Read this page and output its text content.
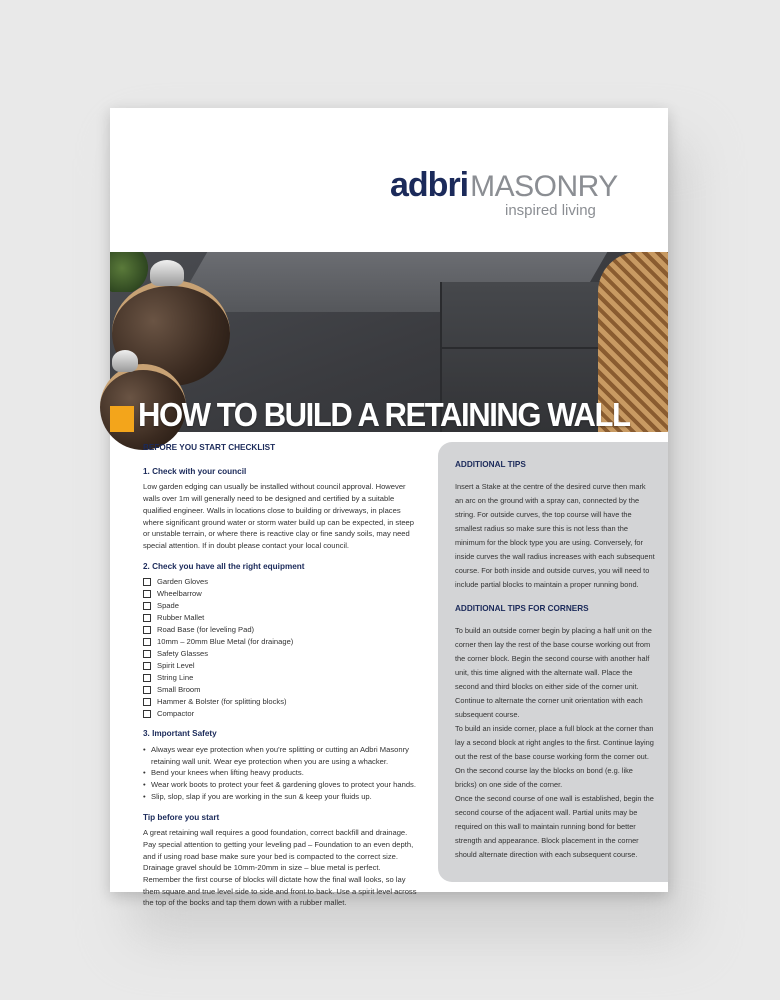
adbriMASONRY
inspired living
HOW TO BUILD A RETAINING WALL
BEFORE YOU START CHECKLIST
1. Check with your council

Low garden edging can usually be installed without council approval. However walls over 1m will generally need to be designed and certified by a suitable qualified engineer. Walls in locations close to building or driveways, in places where significant ground water or storm water build up can be expected, in steep or unstable terrain, or where there is reactive clay or fine sandy soils, may need special attention. If in doubt please contact your local council.

2. Check you have all the right equipment
Garden Gloves
Wheelbarrow
Spade
Rubber Mallet
Road Base (for leveling Pad)
10mm – 20mm Blue Metal (for drainage)
Safety Glasses
Spirit Level
String Line
Small Broom
Hammer & Bolster (for splitting blocks)
Compactor
3. Important Safety
• Always wear eye protection when you’re splitting or cutting an Adbri Masonry retaining wall unit. Wear eye protection when you are using a whacker.
• Bend your knees when lifting heavy products.
• Wear work boots to protect your feet & gardening gloves to protect your hands.
• Slip, slop, slap if you are working in the sun & keep your fluids up.
Tip before you start

A great retaining wall requires a good foundation, correct backfill and drainage. Pay special attention to getting your leveling pad – Foundation to an even depth, and if using road base make sure your bed is compacted to the correct size. Drainage gravel should be 10mm-20mm in size – blue metal is perfect. Remember the first course of blocks will dictate how the final wall looks, so lay them square and true level side to side and front to back. Use a spirit level across the top of the bocks and tap them down with a rubber mallet.

ADDITIONAL TIPS

Insert a Stake at the centre of the desired curve then mark an arc on the ground with a spray can, connected by the string. For outside curves, the top course will have the smallest radius so make sure this is not less than the minimum for the block type you are using. Conversely, for inside curves the wall radius increases with each subsequent course. For both inside and outside curves, you will need to include partial blocks to maintain a proper running bond.

ADDITIONAL TIPS FOR CORNERS

To build an outside corner begin by placing a half unit on the corner then lay the rest of the base course working out from the corner block. Begin the second course with another half unit, this time aligned with the alternate wall. Place the second and third blocks on either side of the corner unit. Continue to alternate the corner unit orientation with each subsequent course.

To build an inside corner, place a full block at the corner than lay a second block at right angles to the first. Continue laying out the rest of the base course working form the corner out. On the second course lay the blocks on bond (e.g. like bricks) on one side of the corner.

Once the second course of one wall is established, begin the second course of the adjacent wall. Partial units may be required on this wall to maintain running bond for better strength and appearance. Block placement in the corner should alternate direction with each subsequent course.
